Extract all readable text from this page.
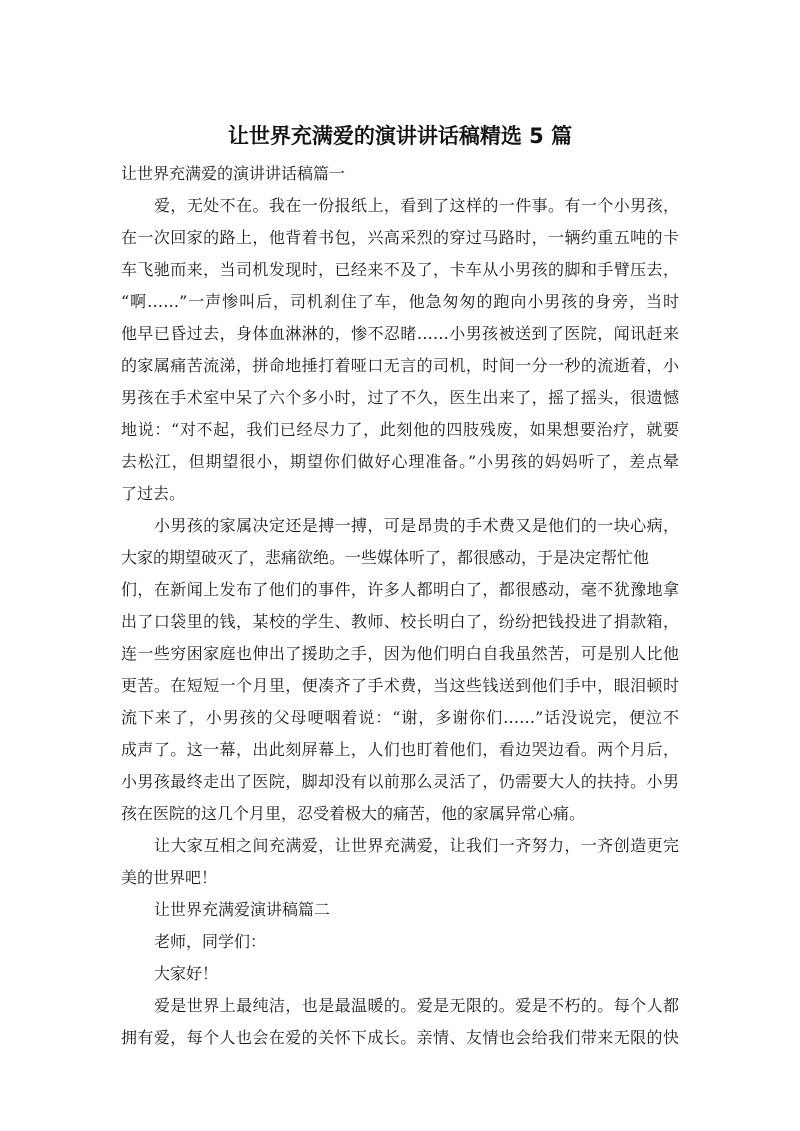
让世界充满爱的演讲讲话稿精选 5 篇
让世界充满爱的演讲讲话稿篇一
爱，无处不在。我在一份报纸上，看到了这样的一件事。有一个小男孩，
在一次回家的路上，他背着书包，兴高采烈的穿过马路时，一辆约重五吨的卡
车飞驰而来，当司机发现时，已经来不及了，卡车从小男孩的脚和手臂压去，
“啊……”一声惨叫后，司机刹住了车，他急匆匆的跑向小男孩的身旁，当时
他早已昏过去，身体血淋淋的，惨不忍睹……小男孩被送到了医院，闻讯赶来
的家属痛苦流涕，拼命地捶打着哑口无言的司机，时间一分一秒的流逝着，小
男孩在手术室中呆了六个多小时，过了不久，医生出来了，摇了摇头，很遗憾
地说：“对不起，我们已经尽力了，此刻他的四肢残废，如果想要治疗，就要
去松江，但期望很小，期望你们做好心理准备。”小男孩的妈妈听了，差点晕
了过去。
小男孩的家属决定还是搏一搏，可是昂贵的手术费又是他们的一块心病，
大家的期望破灭了，悲痛欲绝。一些媒体听了，都很感动，于是决定帮忙他
们，在新闻上发布了他们的事件，许多人都明白了，都很感动，毫不犹豫地拿
出了口袋里的钱，某校的学生、教师、校长明白了，纷纷把钱投进了捐款箱，
连一些穷困家庭也伸出了援助之手，因为他们明白自我虽然苦，可是别人比他
更苦。在短短一个月里，便凑齐了手术费，当这些钱送到他们手中，眼泪顿时
流下来了，小男孩的父母哽咽着说：“谢，多谢你们……”话没说完，便泣不
成声了。这一幕，出此刻屏幕上，人们也盯着他们，看边哭边看。两个月后，
小男孩最终走出了医院，脚却没有以前那么灵活了，仍需要大人的扶持。小男
孩在医院的这几个月里，忍受着极大的痛苦，他的家属异常心痛。
让大家互相之间充满爱，让世界充满爱，让我们一齐努力，一齐创造更完
美的世界吧！
让世界充满爱演讲稿篇二
老师，同学们：
大家好！
爱是世界上最纯洁，也是最温暖的。爱是无限的。爱是不朽的。每个人都
拥有爱，每个人也会在爱的关怀下成长。亲情、友情也会给我们带来无限的快
